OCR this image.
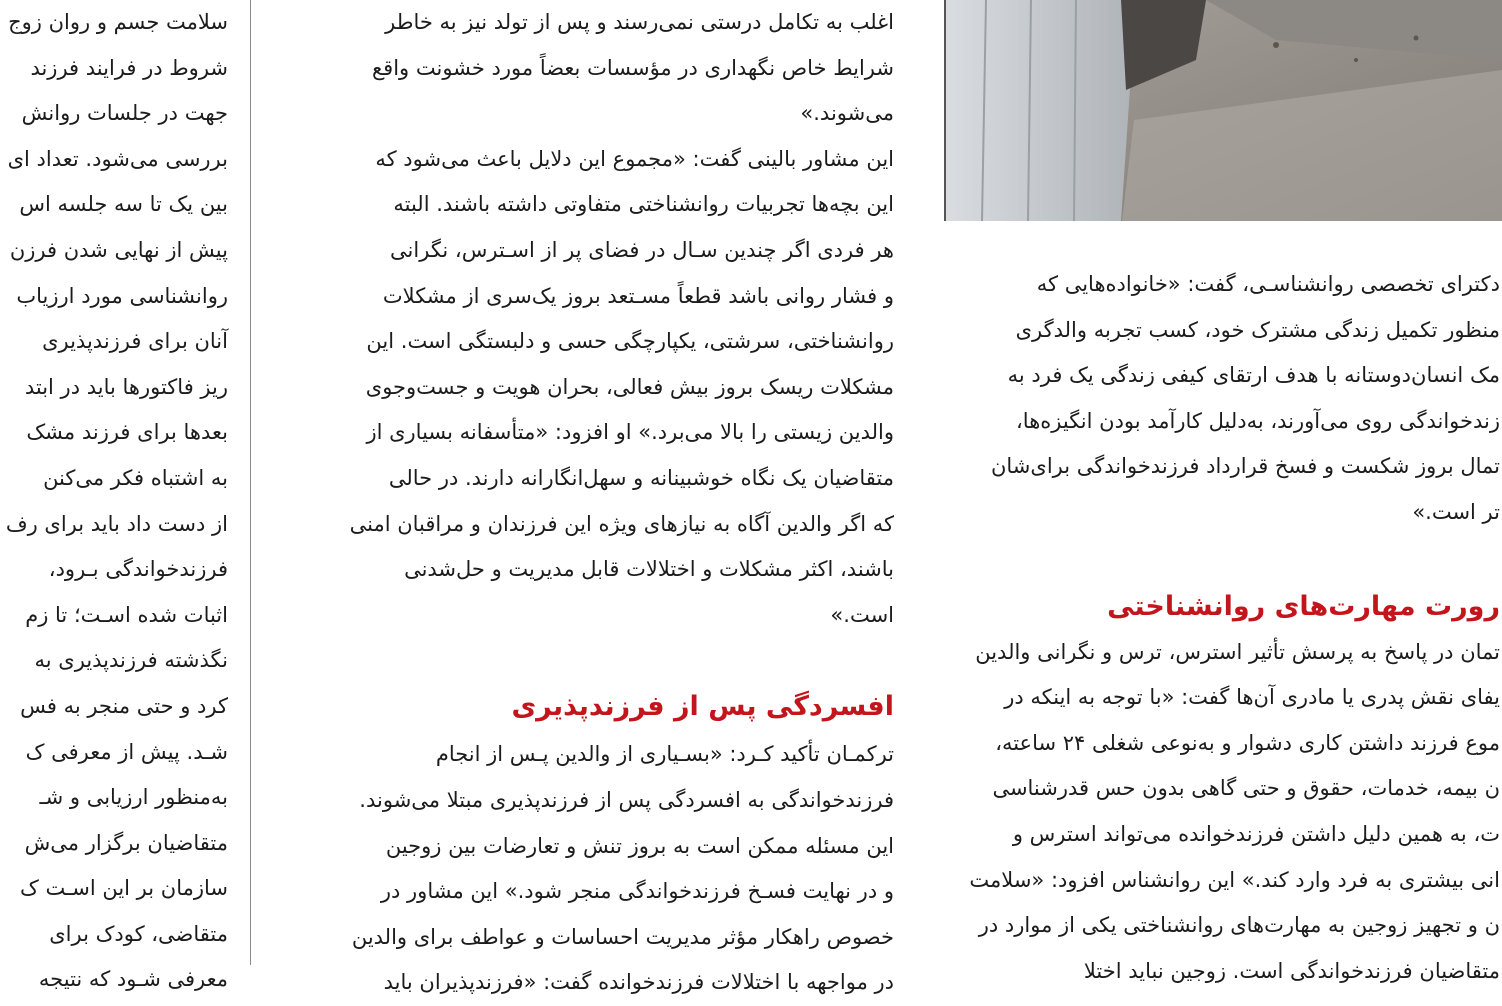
سلامت جسم و روان زوج
شروط در فرایند فرزند
جهت در جلسات روانش
بررسی می‌شود. تعداد ای
بین یک تا سه جلسه اس
پیش از نهایی شدن فرزن
روانشناسی مورد ارزیاب
آنان برای فرزندپذیری
ریز فاکتورها باید در ابتد
بعدها برای فرزند مشک
به اشتباه فکر می‌کنن
از دست داد باید برای رف
فرزندخواندگی بـرود،
اثبات شده اسـت؛ تا زم
نگذشته فرزندپذیری به
کرد و حتی منجر به فس
شـد. پیش از معرفی ک
به‌منظور ارزیابی و شـ
متقاضیان برگزار می‌ش
سازمان بر این اسـت ک
متقاضی، کودک برای
معرفی شـود که نتیجه
اغلب به تکامل درستی نمی‌رسند و پس از تولد نیز به خاطر
شرایط خاص نگهداری در مؤسسات بعضاً مورد خشونت واقع
می‌شوند.»
این مشاور بالینی گفت: «مجموع این دلایل باعث می‌شود که
این بچه‌ها تجربیات روانشناختی متفاوتی داشته باشند. البته
هر فردی اگر چندین سـال در فضای پر از اسـترس، نگرانی
و فشار روانی باشد قطعاً مسـتعد بروز یک‌سری از مشکلات
روانشناختی، سرشتی، یکپارچگی حسی و دلبستگی است. این
مشکلات ریسک بروز بیش فعالی، بحران هویت و جست‌وجوی
والدین زیستی را بالا می‌برد.» او افزود: «متأسفانه بسیاری از
متقاضیان یک نگاه خوشبینانه و سهل‌انگارانه دارند. در حالی
که اگر والدین آگاه به نیازهای ویژه این فرزندان و مراقبان امنی
باشند، اکثر مشکلات و اختلالات قابل مدیریت و حل‌شدنی
است.»
افسردگی پس از فرزندپذیری
ترکمـان تأکید کـرد: «بسـیاری از والدین پـس از انجام
فرزندخواندگی به افسردگی پس از فرزندپذیری مبتلا می‌شوند.
این مسئله ممکن است به بروز تنش و تعارضات بین زوجین
و در نهایت فسـخ فرزندخواندگی منجر شود.» این مشاور در
خصوص راهکار مؤثر مدیریت احساسات و عواطف برای والدین
در مواجهه با اختلالات فرزندخوانده گفت: «فرزندپذیران باید
دکترای تخصصی روانشناسـی، گفت: «خانواده‌هایی که
منظور تکمیل زندگی مشترک خود، کسب تجربه والدگری
مک انسان‌دوستانه با هدف ارتقای کیفی زندگی یک فرد به
زندخواندگی روی می‌آورند، به‌دلیل کارآمد بودن انگیزه‌ها،
تمال بروز شکست و فسخ قرارداد فرزندخواندگی برای‌شان
تر است.»
رورت مهارت‌های روانشناختی
تمان در پاسخ به پرسش تأثیر استرس، ترس و نگرانی والدین
یفای نقش پدری یا مادری آن‌ها گفت: «با توجه به اینکه در
موع فرزند داشتن کاری دشوار و به‌نوعی شغلی ۲۴ ساعته،
ن بیمه، خدمات، حقوق و حتی گاهی بدون حس قدرشناسی
ت، به همین دلیل داشتن فرزندخوانده می‌تواند استرس و
انی بیشتری به فرد وارد کند.» این روانشناس افزود: «سلامت
ن و تجهیز زوجین به مهارت‌های روانشناختی یکی از موارد در
متقاضیان فرزندخواندگی است. زوجین نباید اختلا
